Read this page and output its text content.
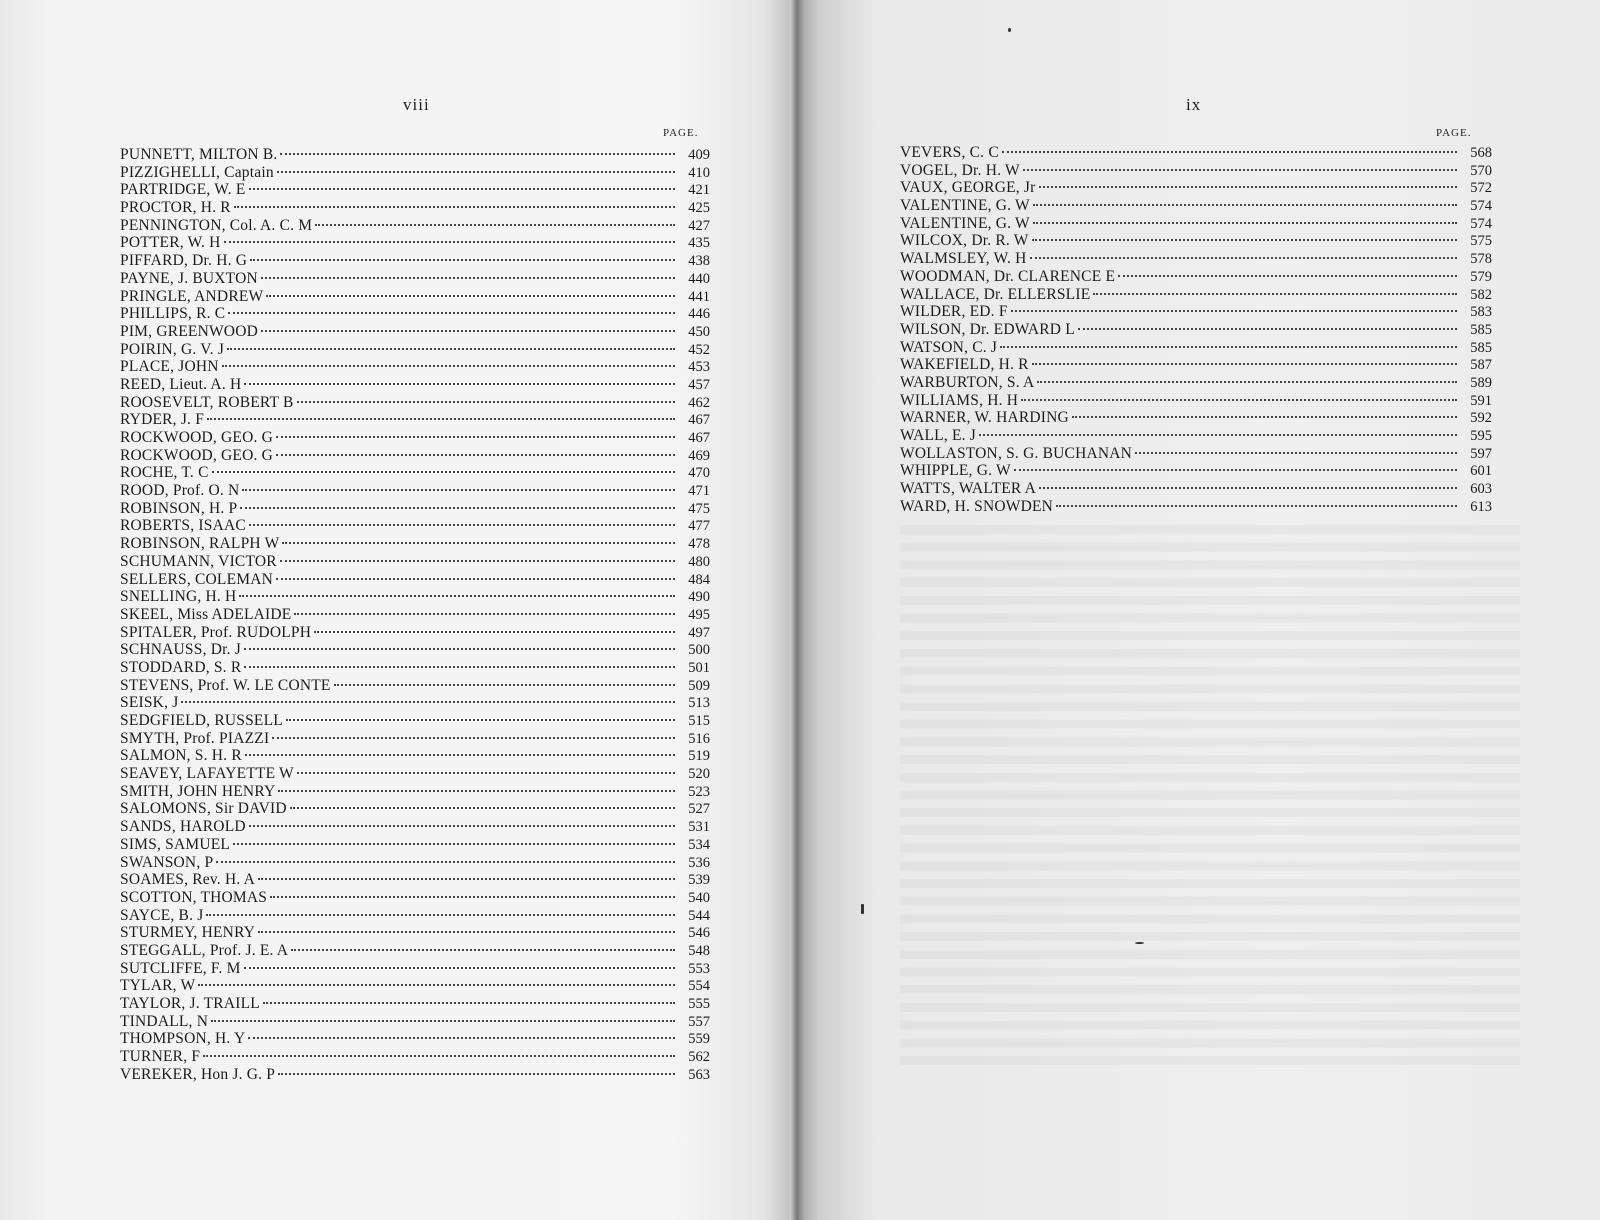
viii
PAGE.
PUNNETT, MILTON B.	409
PIZZIGHELLI, Captain	410
PARTRIDGE, W. E	421
PROCTOR, H. R	425
PENNINGTON, Col. A. C. M	427
POTTER, W. H	435
PIFFARD, Dr. H. G	438
PAYNE, J. BUXTON	440
PRINGLE, ANDREW	441
PHILLIPS, R. C	446
PIM, GREENWOOD	450
POIRIN, G. V. J	452
PLACE, JOHN	453
REED, Lieut. A. H	457
ROOSEVELT, ROBERT B	462
RYDER, J. F	467
ROCKWOOD, GEO. G	467
ROCKWOOD, GEO. G	469
ROCHE, T. C	470
ROOD, Prof. O. N	471
ROBINSON, H. P	475
ROBERTS, ISAAC	477
ROBINSON, RALPH W	478
SCHUMANN, VICTOR	480
SELLERS, COLEMAN	484
SNELLING, H. H	490
SKEEL, Miss ADELAIDE	495
SPITALER, Prof. RUDOLPH	497
SCHNAUSS, Dr. J	500
STODDARD, S. R	501
STEVENS, Prof. W. LE CONTE	509
SEISK, J	513
SEDGFIELD, RUSSELL	515
SMYTH, Prof. PIAZZI	516
SALMON, S. H. R	519
SEAVEY, LAFAYETTE W	520
SMITH, JOHN HENRY	523
SALOMONS, Sir DAVID	527
SANDS, HAROLD	531
SIMS, SAMUEL	534
SWANSON, P	536
SOAMES, Rev. H. A	539
SCOTTON, THOMAS	540
SAYCE, B. J	544
STURMEY, HENRY	546
STEGGALL, Prof. J. E. A	548
SUTCLIFFE, F. M	553
TYLAR, W	554
TAYLOR, J. TRAILL	555
TINDALL, N	557
THOMPSON, H. Y	559
TURNER, F	562
VEREKER, Hon J. G. P	563
ix
PAGE.
VEVERS, C. C	568
VOGEL, Dr. H. W	570
VAUX, GEORGE, Jr	572
VALENTINE, G. W	574
VALENTINE, G. W	574
WILCOX, Dr. R. W	575
WALMSLEY, W. H	578
WOODMAN, Dr. CLARENCE E	579
WALLACE, Dr. ELLERSLIE	582
WILDER, ED. F	583
WILSON, Dr. EDWARD L	585
WATSON, C. J	585
WAKEFIELD, H. R	587
WARBURTON, S. A	589
WILLIAMS, H. H	591
WARNER, W. HARDING	592
WALL, E. J	595
WOLLASTON, S. G. BUCHANAN	597
WHIPPLE, G. W	601
WATTS, WALTER A	603
WARD, H. SNOWDEN	613
